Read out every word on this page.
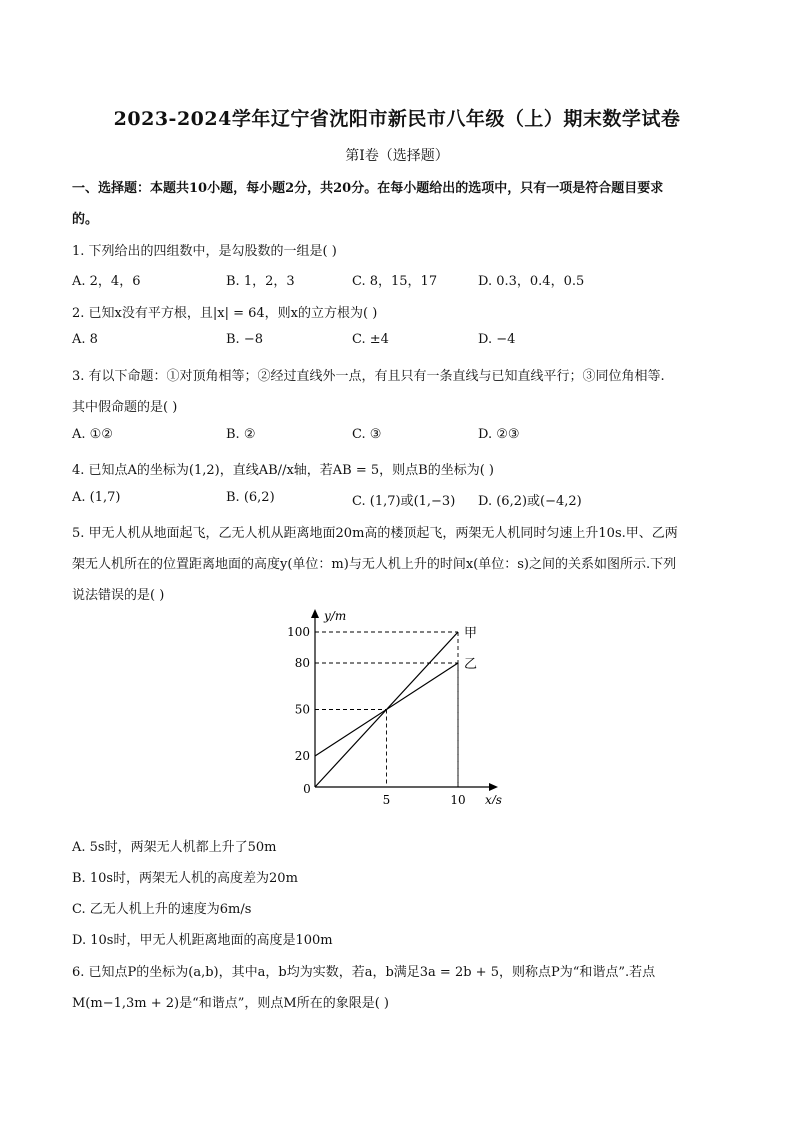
2023-2024学年辽宁省沈阳市新民市八年级（上）期末数学试卷
第Ⅰ卷（选择题）
一、选择题：本题共10小题，每小题2分，共20分。在每小题给出的选项中，只有一项是符合题目要求
的。
1. 下列给出的四组数中，是勾股数的一组是( )
A. 2，4，6	B. 1，2，3	C. 8，15，17	D. 0.3，0.4，0.5
2. 已知x没有平方根，且|x| = 64，则x的立方根为( )
A. 8	B. −8	C. ±4	D. −4
3. 有以下命题：①对顶角相等；②经过直线外一点，有且只有一条直线与已知直线平行；③同位角相等.
其中假命题的是( )
A. ①②	B. ②	C. ③	D. ②③
4. 已知点A的坐标为(1,2)，直线AB//x轴，若AB = 5，则点B的坐标为( )
A. (1,7)	B. (6,2)	C. (1,7)或(1,−3) D. (6,2)或(−4,2)
5. 甲无人机从地面起飞，乙无人机从距离地面20m高的楼顶起飞，两架无人机同时匀速上升10s.甲、乙两
架无人机所在的位置距离地面的高度y(单位：m)与无人机上升的时间x(单位：s)之间的关系如图所示.下列
说法错误的是( )
20
50
80
100
0
5	10
y/m
x/s
甲
乙
A. 5s时，两架无人机都上升了50m
B. 10s时，两架无人机的高度差为20m
C. 乙无人机上升的速度为6m/s
D. 10s时，甲无人机距离地面的高度是100m
6. 已知点P的坐标为(a,b)，其中a，b均为实数，若a，b满足3a = 2b + 5，则称点P为“和谐点”.若点
M(m−1,3m + 2)是“和谐点”，则点M所在的象限是( )
